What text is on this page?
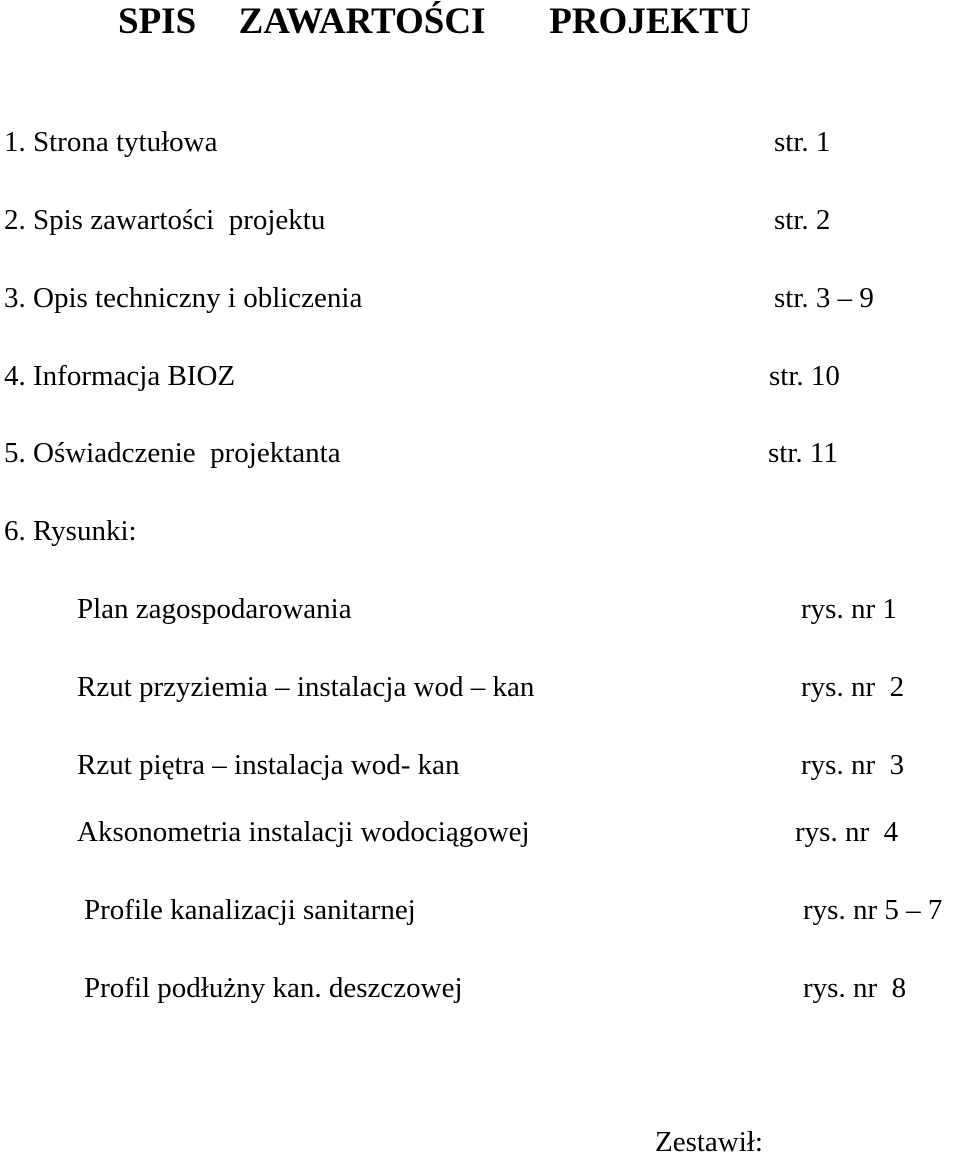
SPIS  ZAWARTOŚCI   PROJEKTU
1. Strona tytułowa	str. 1
2. Spis zawartości  projektu	str. 2
3. Opis techniczny i obliczenia	str. 3 – 9
4. Informacja BIOZ	str. 10
5. Oświadczenie  projektanta	str. 11
6. Rysunki:
Plan zagospodarowania	rys. nr 1
Rzut przyziemia – instalacja wod – kan	rys. nr  2
Rzut piętra – instalacja wod- kan	rys. nr  3
Aksonometria instalacji wodociągowej	rys. nr  4
Profile kanalizacji sanitarnej	rys. nr 5 – 7
Profil podłużny kan. deszczowej	rys. nr  8
Zestawił:
